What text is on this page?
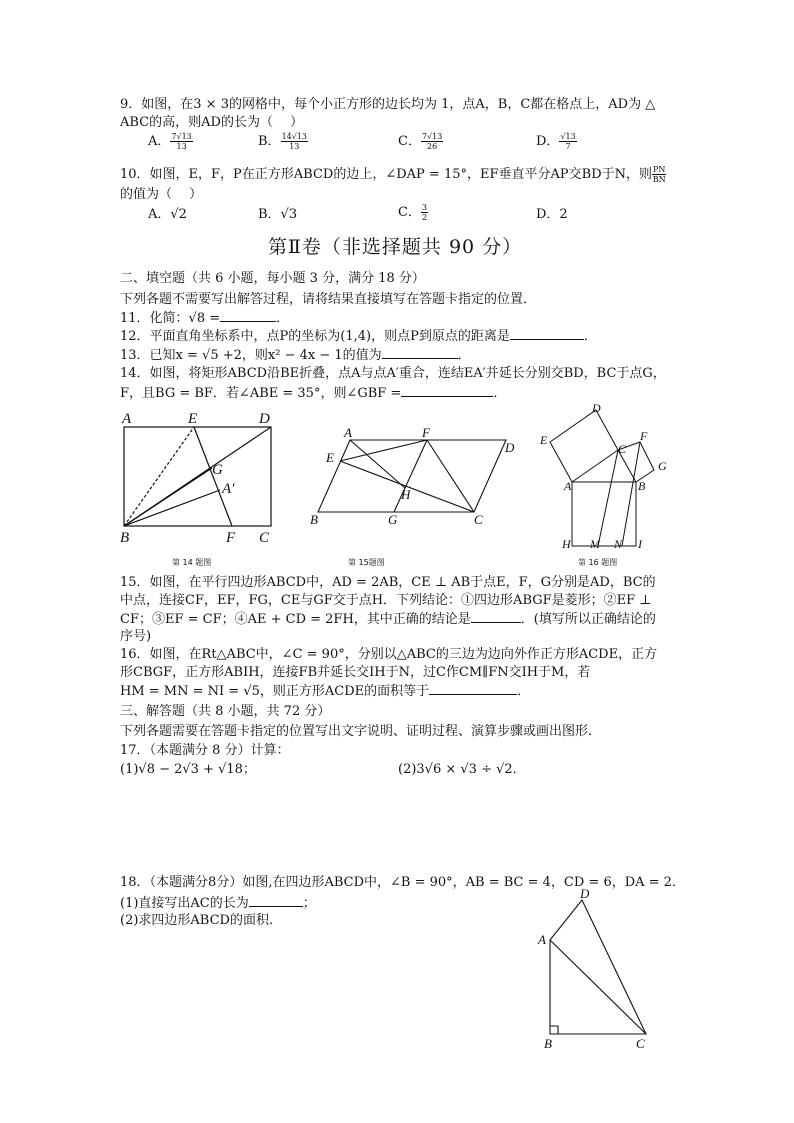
9．如图，在3 × 3的网格中，每个小正方形的边长均为 1，点A，B，C都在格点上，AD为 △
ABC的高，则AD的长为（　 ）
A． $\frac{7√13}{13}$	B． $\frac{14√13}{13}$	C． $\frac{7√13}{26}$	D． $\frac{√13}{7}$
10．如图，E，F，P在正方形ABCD的边上，∠DAP = 15°，EF垂直平分AP交BD于N，则 $\frac{PN}{BN}$
的值为（　 ）
A．√2	B．√3	C． $\frac{3}{2}$	D．2
第Ⅱ卷（非选择题共 90 分）
二、填空题（共 6 小题，每小题 3 分，满分 18 分）
下列各题不需要写出解答过程，请将结果直接填写在答题卡指定的位置．
11．化简：√8 =	．
12．平面直角坐标系中，点P的坐标为(1,4)，则点P到原点的距离是	．
13．已知x = √5 +2，则x² − 4x − 1的值为	．
14．如图，将矩形ABCD沿BE折叠，点A与点A′重合，连结EA′并延长分别交BD，BC于点G，
F，且BG = BF．若∠ABE = 35°，则∠GBF =	．
A	E	D
G
A′
B	F C
A	F
D
E
H
B	G	C
D
E
C
F
G
A	B
H M N I
第 14 题图	第 15题图	第 16 题图
15．如图，在平行四边形ABCD中，AD = 2AB，CE ⊥ AB于点E，F，G分别是AD，BC的
中点，连接CF，EF，FG，CE与GF交于点H．下列结论：①四边形ABGF是菱形；②EF ⊥
CF；③EF = CF；④AE + CD = 2FH，其中正确的结论是	．(填写所以正确结论的
序号)
16．如图，在Rt△ABC中，∠C = 90°，分别以△ABC的三边为边向外作正方形ACDE，正方
形CBGF，正方形ABIH，连接FB并延长交IH于N，过C作CM∥FN交IH于M，若
HM = MN = NI = √5，则正方形ACDE的面积等于	．
三、解答题（共 8 小题，共 72 分）
下列各题需要在答题卡指定的位置写出文字说明、证明过程、演算步骤或画出图形．
17．（本题满分 8 分）计算：
(1)√8 − 2√3 + √18；	(2)3√6 × √3 ÷ √2．
18．（本题满分8分）如图,在四边形ABCD中，∠B = 90°，AB = BC = 4，CD = 6，DA = 2．
(1)直接写出AC的长为	；
(2)求四边形ABCD的面积．
D
A
B	C
